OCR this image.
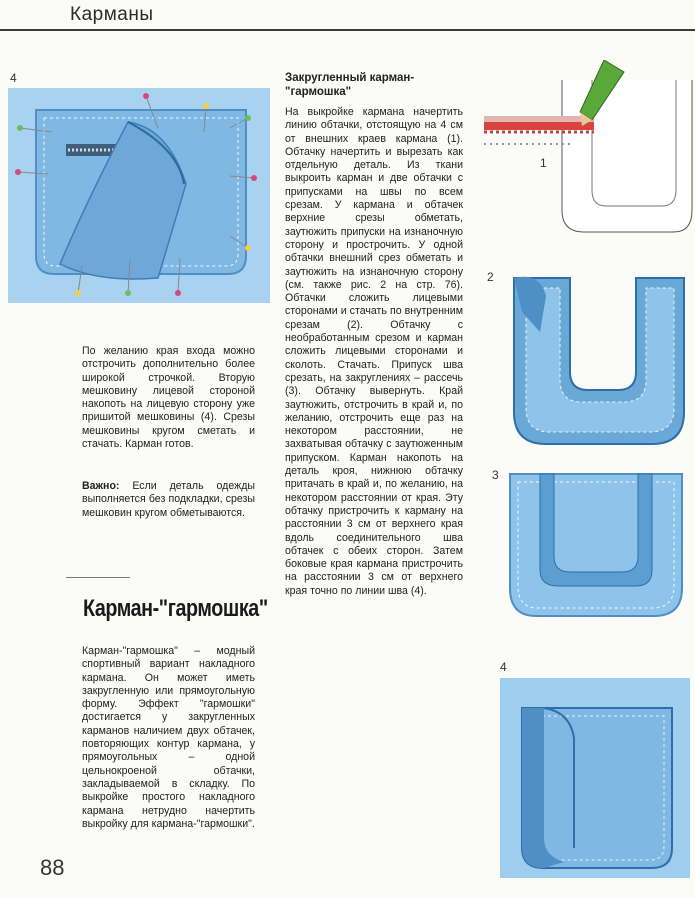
Карманы
4
По желанию края входа можно отстрочить дополнительно более широкой строчкой. Вторую мешковину лицевой стороной накопоть на лицевую сторону уже пришитой мешковины (4). Срезы мешковины кругом сметать и стачать. Карман готов.
Важно: Если деталь одежды выполняется без подкладки, срезы мешковин кругом обметываются.
Карман-"гармошка"
Карман-"гармошка" – модный спортивный вариант накладного кармана. Он может иметь закругленную или прямоугольную форму. Эффект "гармошки" достигается у закругленных карманов наличием двух обтачек, повторяющих контур кармана, у прямоугольных – одной цельнокроеной обтачки, закладываемой в складку. По выкройке простого накладного кармана нетрудно начертить выкройку для кармана-"гармошки".
88
Закругленный карман-"гармошка"
На выкройке кармана начертить линию обтачки, отстоящую на 4 см от внешних краев кармана (1). Обтачку начертить и вырезать как отдельную деталь. Из ткани выкроить карман и две обтачки с припусками на швы по всем срезам. У кармана и обтачек верхние срезы обметать, заутюжить припуски на изнаночную сторону и прострочить. У одной обтачки внешний срез обметать и заутюжить на изнаночную сторону (см. также рис. 2 на стр. 76). Обтачки сложить лицевыми сторонами и стачать по внутренним срезам (2). Обтачку с необработанным срезом и карман сложить лицевыми сторонами и сколоть. Стачать. Припуск шва срезать, на закруглениях – расcечь (3). Обтачку вывернуть. Край заутюжить, отстрочить в край и, по желанию, отстрочить еще раз на некотором расстоянии, не захватывая обтачку с заутюженным припуском. Карман накопоть на деталь кроя, нижнюю обтачку притачать в край и, по желанию, на некотором расстоянии от края. Эту обтачку пристрочить к карману на расстоянии 3 см от верхнего края вдоль соединительного шва обтачек с обеих сторон. Затем боковые края кармана пристрочить на расстоянии 3 см от верхнего края точно по линии шва (4).
1
2
3
4
